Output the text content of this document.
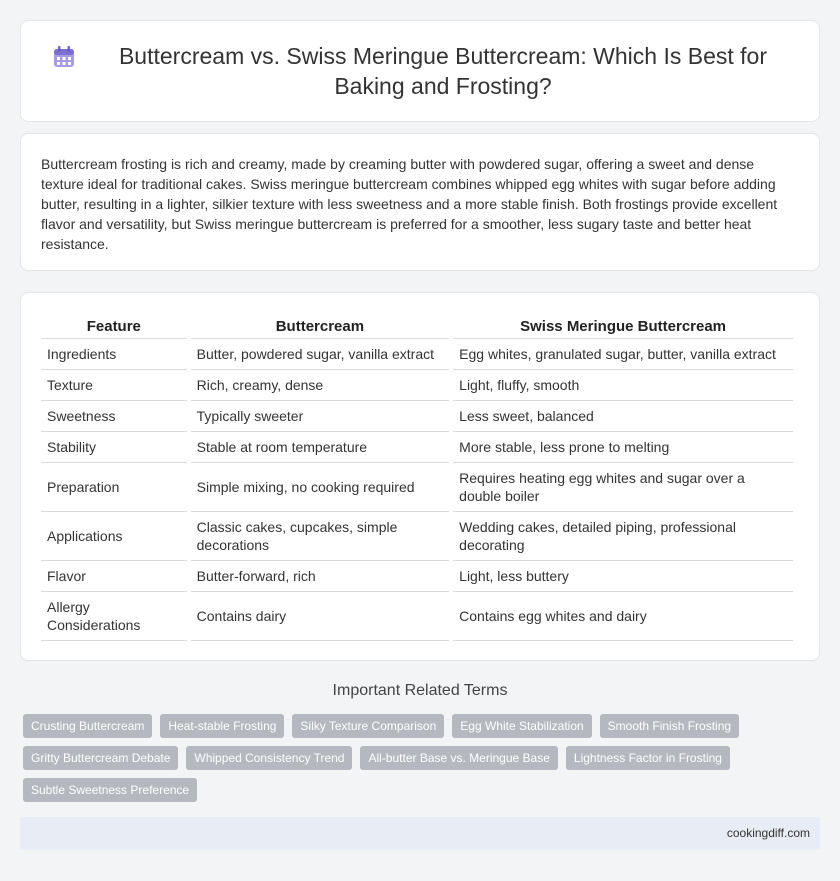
Buttercream vs. Swiss Meringue Buttercream: Which Is Best for Baking and Frosting?

Buttercream frosting is rich and creamy, made by creaming butter with powdered sugar, offering a sweet and dense texture ideal for traditional cakes. Swiss meringue buttercream combines whipped egg whites with sugar before adding butter, resulting in a lighter, silkier texture with less sweetness and a more stable finish. Both frostings provide excellent flavor and versatility, but Swiss meringue buttercream is preferred for a smoother, less sugary taste and better heat resistance.

Feature	Buttercream	Swiss Meringue Buttercream
Ingredients	Butter, powdered sugar, vanilla extract	Egg whites, granulated sugar, butter, vanilla extract
Texture	Rich, creamy, dense	Light, fluffy, smooth
Sweetness	Typically sweeter	Less sweet, balanced
Stability	Stable at room temperature	More stable, less prone to melting
Preparation	Simple mixing, no cooking required	Requires heating egg whites and sugar over a double boiler
Applications	Classic cakes, cupcakes, simple decorations	Wedding cakes, detailed piping, professional decorating
Flavor	Butter-forward, rich	Light, less buttery
Allergy Considerations	Contains dairy	Contains egg whites and dairy
Important Related Terms
Crusting Buttercream	Heat-stable Frosting	Silky Texture Comparison	Egg White Stabilization	Smooth Finish Frosting
Gritty Buttercream Debate	Whipped Consistency Trend	All-butter Base vs. Meringue Base	Lightness Factor in Frosting
Subtle Sweetness Preference
cookingdiff.com
